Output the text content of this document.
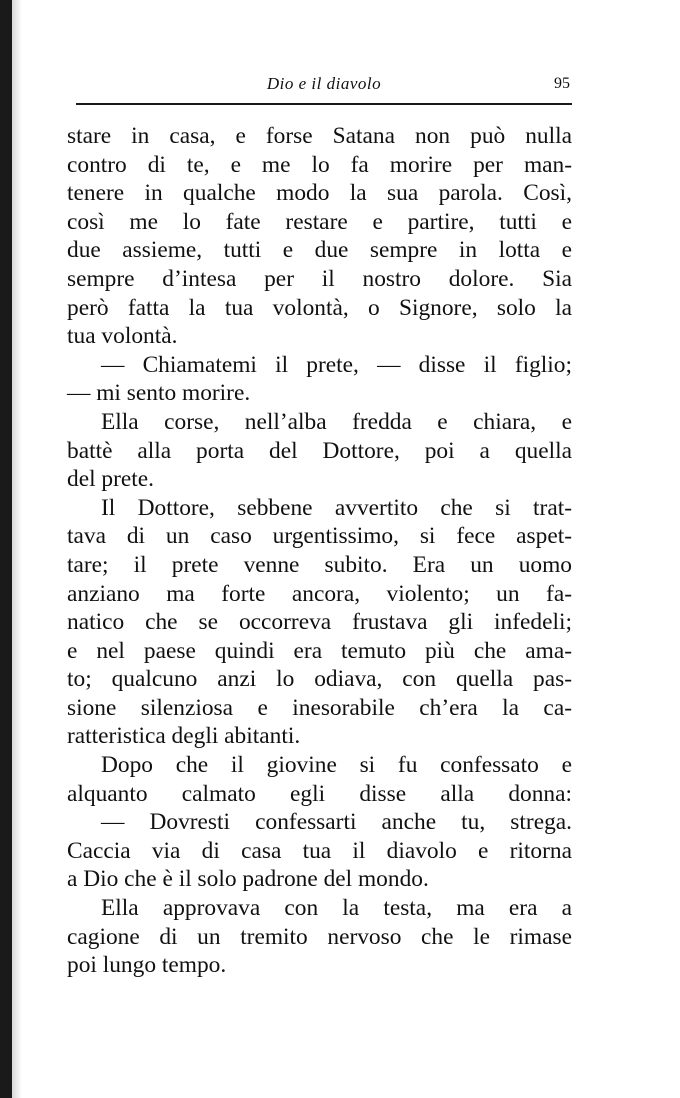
Dio e il diavolo	95
stare in casa, e forse Satana non può nulla
contro di te, e me lo fa morire per man-
tenere in qualche modo la sua parola. Così,
così me lo fate restare e partire, tutti e
due assieme, tutti e due sempre in lotta e
sempre d’intesa per il nostro dolore. Sia
però fatta la tua volontà, o Signore, solo la
tua volontà.
— Chiamatemi il prete, — disse il figlio;
— mi sento morire.
Ella corse, nell’alba fredda e chiara, e
battè alla porta del Dottore, poi a quella
del prete.
Il Dottore, sebbene avvertito che si trat-
tava di un caso urgentissimo, si fece aspet-
tare; il prete venne subito. Era un uomo
anziano ma forte ancora, violento; un fa-
natico che se occorreva frustava gli infedeli;
e nel paese quindi era temuto più che ama-
to; qualcuno anzi lo odiava, con quella pas-
sione silenziosa e inesorabile ch’era la ca-
ratteristica degli abitanti.
Dopo che il giovine si fu confessato e
alquanto calmato egli disse alla donna:
— Dovresti confessarti anche tu, strega.
Caccia via di casa tua il diavolo e ritorna
a Dio che è il solo padrone del mondo.
Ella approvava con la testa, ma era a
cagione di un tremito nervoso che le rimase
poi lungo tempo.
